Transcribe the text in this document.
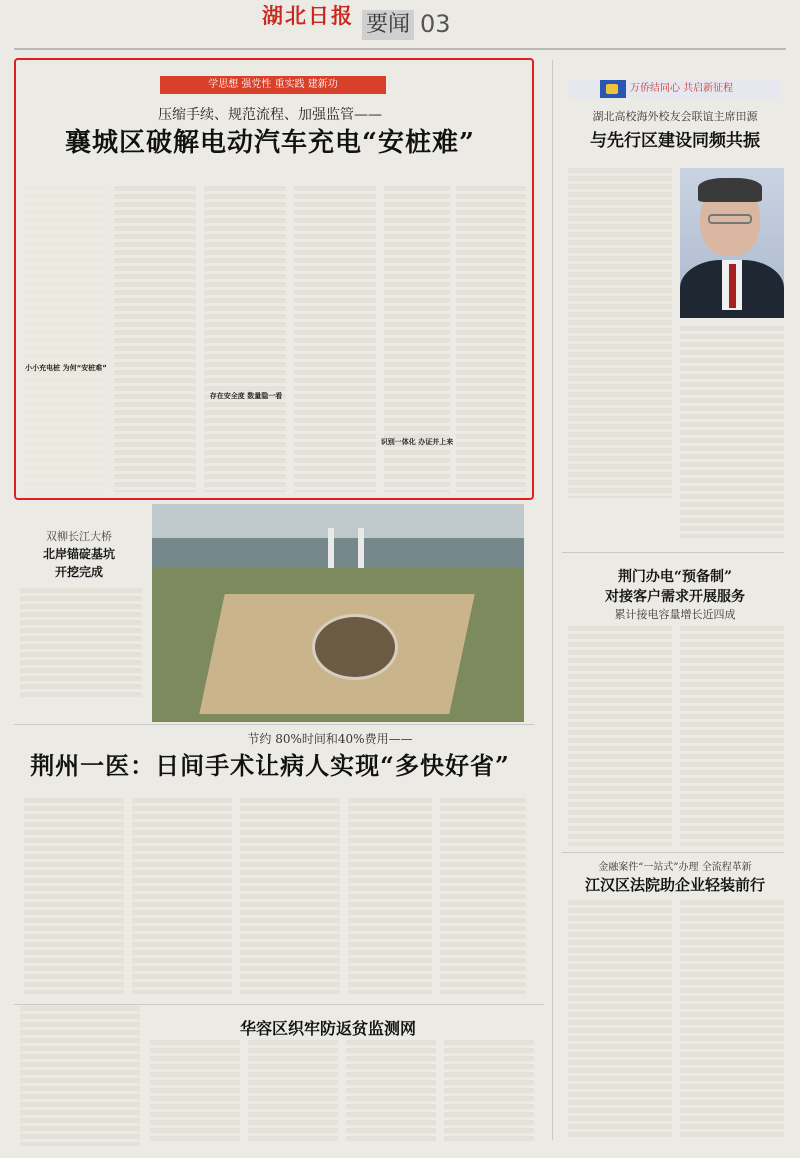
湖北日报 要闻 03
学思想 强党性 重实践 建新功
压缩手续、规范流程、加强监管——
襄城区破解电动汽车充电“安桩难”
小小充电桩 为何“安桩难”
存在安全度 数量隐一看
识别一体化 办证并上来
万侨结同心 共启新征程
湖北高校海外校友会联谊主席田源
与先行区建设同频共振
双柳长江大桥
北岸锚碇基坑
开挖完成
节约 80%时间和40%费用——
荆州一医：日间手术让病人实现“多快好省”
荆门办电“预备制”
对接客户需求开展服务
累计接电容量增长近四成
金融案件“一站式”办理 全流程革新
江汉区法院助企业轻装前行
华容区织牢防返贫监测网
